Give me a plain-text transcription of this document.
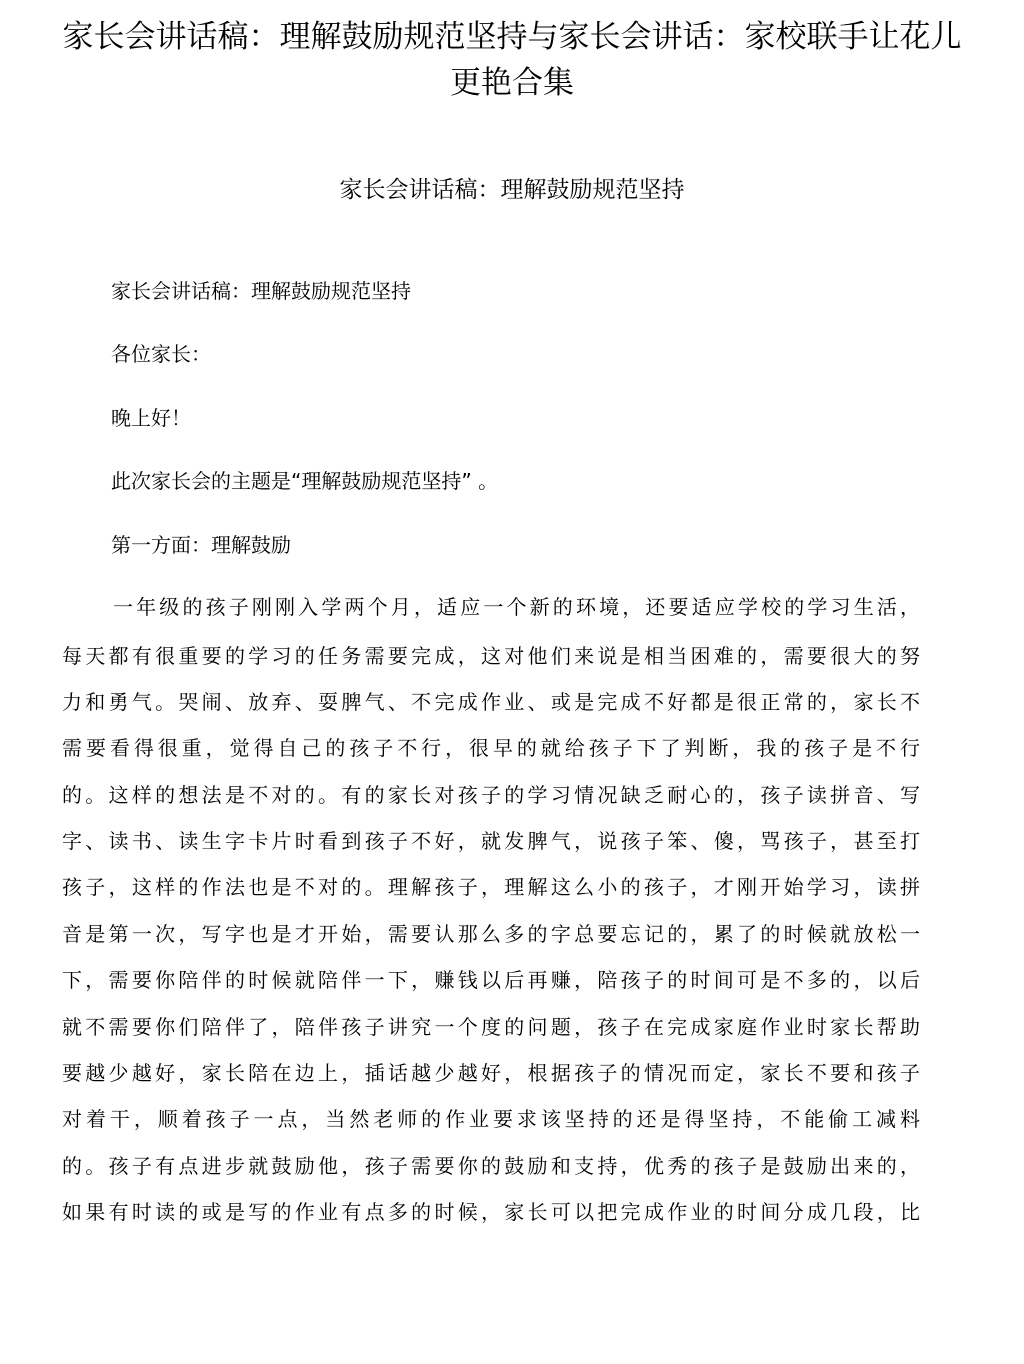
家长会讲话稿：理解鼓励规范坚持与家长会讲话：家校联手让花儿更艳合集
家长会讲话稿：理解鼓励规范坚持

家长会讲话稿：理解鼓励规范坚持

各位家长：

晚上好！

此次家长会的主题是“理解鼓励规范坚持” 。

第一方面：理解鼓励

一年级的孩子刚刚入学两个月，适应一个新的环境，还要适应学校的学习生活，

每天都有很重要的学习的任务需要完成，这对他们来说是相当困难的，需要很大的努

力和勇气。哭闹、放弃、耍脾气、不完成作业、或是完成不好都是很正常的，家长不

需要看得很重，觉得自己的孩子不行，很早的就给孩子下了判断，我的孩子是不行

的。这样的想法是不对的。有的家长对孩子的学习情况缺乏耐心的，孩子读拼音、写

字、读书、读生字卡片时看到孩子不好，就发脾气，说孩子笨、傻，骂孩子，甚至打

孩子，这样的作法也是不对的。理解孩子，理解这么小的孩子，才刚开始学习，读拼

音是第一次，写字也是才开始，需要认那么多的字总要忘记的，累了的时候就放松一

下，需要你陪伴的时候就陪伴一下，赚钱以后再赚，陪孩子的时间可是不多的，以后

就不需要你们陪伴了，陪伴孩子讲究一个度的问题，孩子在完成家庭作业时家长帮助

要越少越好，家长陪在边上，插话越少越好，根据孩子的情况而定，家长不要和孩子

对着干，顺着孩子一点，当然老师的作业要求该坚持的还是得坚持，不能偷工减料

的。孩子有点进步就鼓励他，孩子需要你的鼓励和支持，优秀的孩子是鼓励出来的，

如果有时读的或是写的作业有点多的时候，家长可以把完成作业的时间分成几段，比
